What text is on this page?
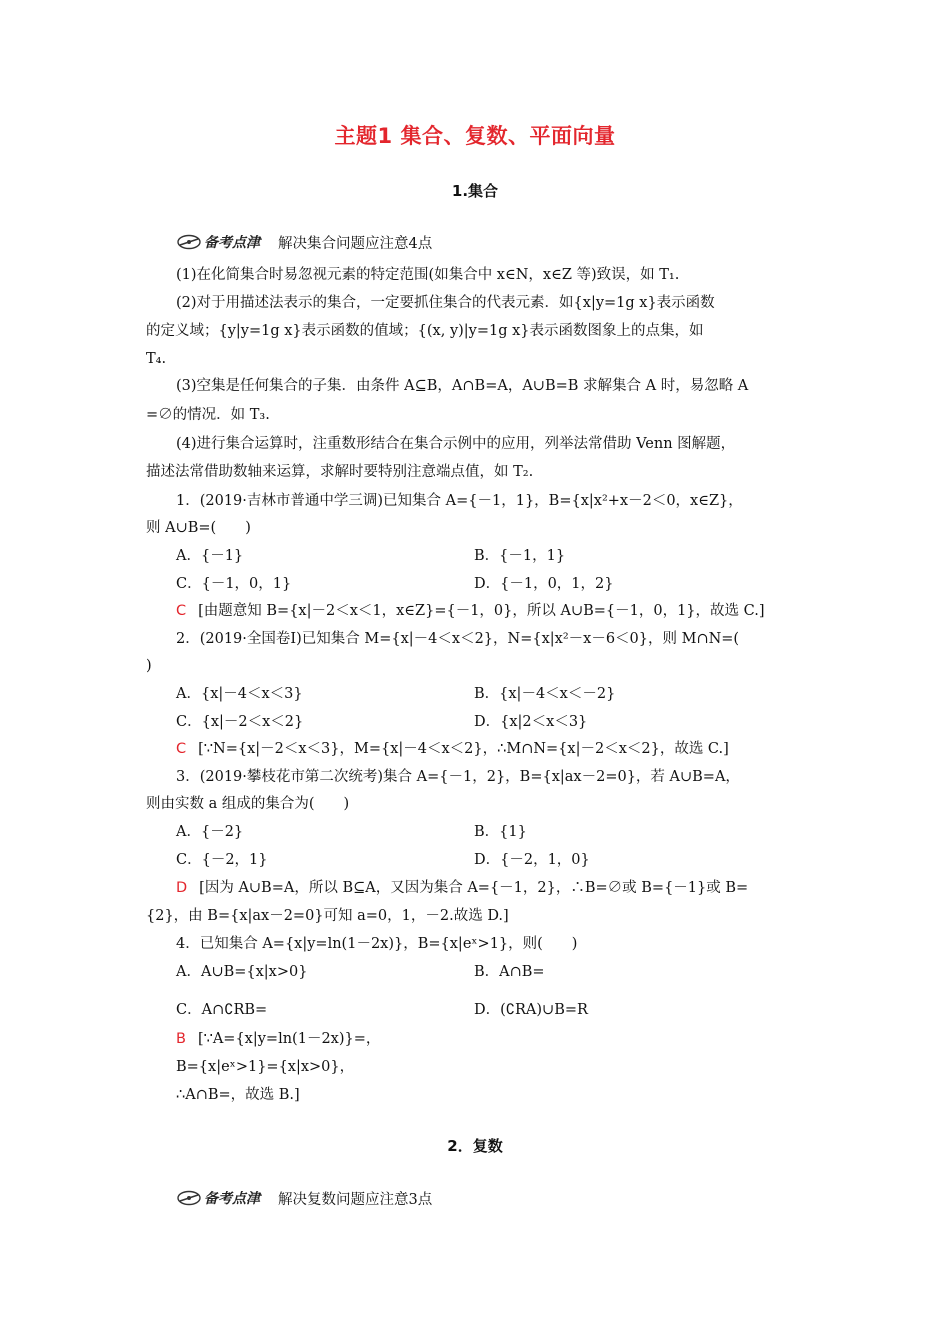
主题1 集合、复数、平面向量
1.集合
备考点津 解决集合问题应注意4点
(1)在化简集合时易忽视元素的特定范围(如集合中 x∈N，x∈Z 等)致误，如 T₁.
(2)对于用描述法表示的集合，一定要抓住集合的代表元素．如{x|y=1g x}表示函数
的定义域；{y|y=1g x}表示函数的值域；{(x, y)|y=1g x}表示函数图象上的点集，如
T₄.
(3)空集是任何集合的子集．由条件 A⊆B，A∩B=A，A∪B=B 求解集合 A 时，易忽略 A
=∅的情况．如 T₃.
(4)进行集合运算时，注重数形结合在集合示例中的应用，列举法常借助 Venn 图解题，
描述法常借助数轴来运算，求解时要特别注意端点值，如 T₂.
1．(2019·吉林市普通中学三调)已知集合 A={－1，1}，B={x|x²+x－2＜0，x∈Z}，
则 A∪B=(　　)
A．{－1}	B．{－1，1}
C．{－1，0，1}	D．{－1，0，1，2}
C [由题意知 B={x|－2＜x＜1，x∈Z}={－1，0}，所以 A∪B={－1，0，1}，故选 C.]
2．(2019·全国卷Ⅰ)已知集合 M={x|－4＜x＜2}，N={x|x²－x－6＜0}，则 M∩N=(
)
A．{x|－4＜x＜3}	B．{x|－4＜x＜－2}
C．{x|－2＜x＜2}	D．{x|2＜x＜3}
C [∵N={x|－2＜x＜3}，M={x|－4＜x＜2}，∴M∩N={x|－2＜x＜2}，故选 C.]
3．(2019·攀枝花市第二次统考)集合 A={－1，2}，B={x|ax－2=0}，若 A∪B=A，
则由实数 a 组成的集合为(　　)
A．{－2}	B．{1}
C．{－2，1}	D．{－2，1，0}
D [因为 A∪B=A，所以 B⊆A，又因为集合 A={－1，2}，∴B=∅或 B={－1}或 B=
{2}，由 B={x|ax－2=0}可知 a=0，1，－2.故选 D.]
4．已知集合 A={x|y=ln(1－2x)}，B={x|eˣ>1}，则(　　)
A．A∪B={x|x>0}	B．A∩B=
C．A∩∁RB=	D．(∁RA)∪B=R
B [∵A={x|y=ln(1－2x)}=，
B={x|eˣ>1}={x|x>0}，
∴A∩B=，故选 B.]
2．复数
备考点津 解决复数问题应注意3点
